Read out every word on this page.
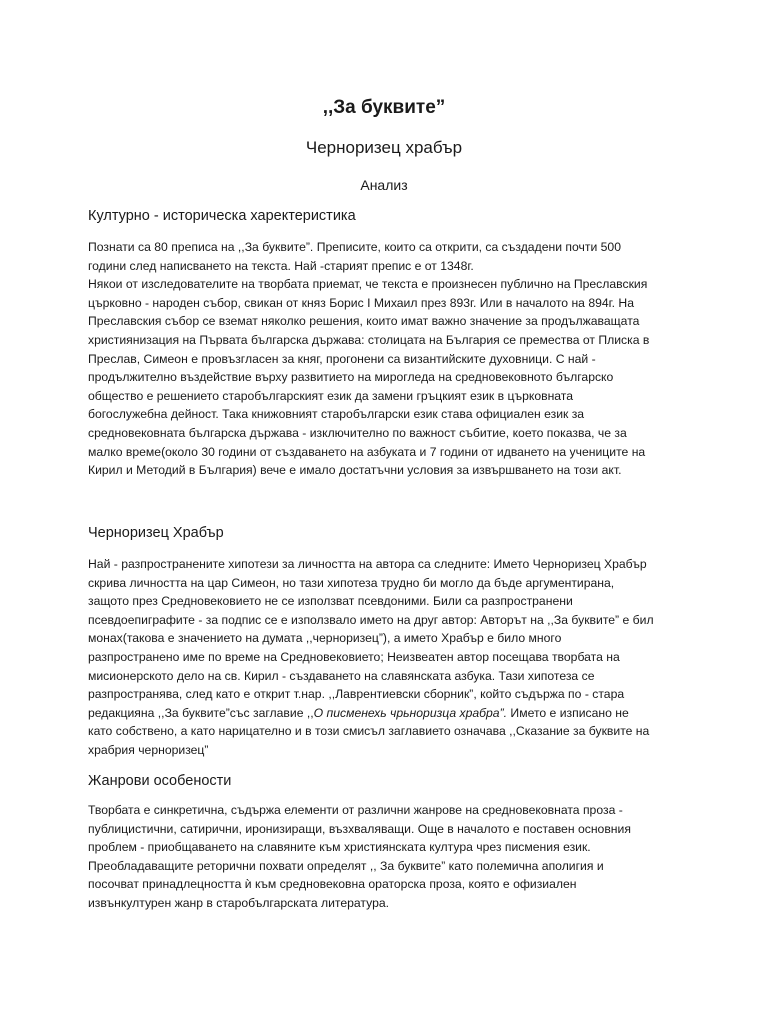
,,За буквите”
Черноризец храбър
Анализ
Културно - историческа харектеристика
Познати са 80 преписа на ,,За буквите”. Преписите, които са открити, са създадени почти 500
години след написването на текста. Най -старият препис е от 1348г.
Някои от изследователите на творбата приемат, че текста е произнесен публично на Преславския
църковно - народен събор, свикан от княз Борис I Михаил през 893г. Или в началото на 894г. На
Преславския събор се вземат няколко решения, които имат важно значение за продължаващата
християнизация на Първата българска държава: столицата на България се премества от Плиска в
Преслав, Симеон е провъзгласен за княг, прогонени са византийските духовници. С най -
продължително въздействие върху развитието на мирогледа на средновековното българско
общество е решението старобългарският език да замени гръцкият език в църковната
богослужебна дейност. Така книжовният старобългарски език става официален език за
средновековната българска държава - изключително по важност събитие, което показва, че за
малко време(около 30 години от създаването на азбуката и 7 години от идването на учениците на
Кирил и Методий в България) вече е имало достатъчни условия за извършването на този акт.
Черноризец Храбър
Най - разпространените хипотези за личността на автора са следните: Името Черноризец Храбър
скрива личността на цар Симеон, но тази хипотеза трудно би могло да бъде аргументирана,
защото през Средновековието не се използват псевдоними. Били са разпространени
псевдоепиграфите - за подпис се е използвало името на друг автор: Авторът на ,,За буквите” е бил
монах(такова е значението на думата ,,черноризец”), а името Храбър е било много
разпространено име по време на Средновековието; Неизвеатен автор посещава творбата на
мисионерското дело на св. Кирил - създаването на славянската азбука. Тази хипотеза се
разпространява, след като е открит т.нар. ,,Лаврентиевски сборник”, който съдържа по - стара
редакцияна ,,За буквите”със заглавие ,,О писменехь чрьноризца храбра”. Името е изписано не
като собствено, а като нарицателно и в този смисъл заглавието означава ,,Сказание за буквите на
храбрия черноризец”
Жанрови особености
Творбата е синкретична, съдържа елементи от различни жанрове на средновековната проза -
публицистични, сатирични, иронизиращи, възхваляващи. Още в началото е поставен основния
проблем - приобщаването на славяните към християнската култура чрез писмения език.
Преобладаващите реторични похвати определят ,, За буквите” като полемична аполигия и
посочват принадлецността ѝ към средновековна ораторска проза, която е офизиален
извънкултурен жанр в старобългарската литература.
